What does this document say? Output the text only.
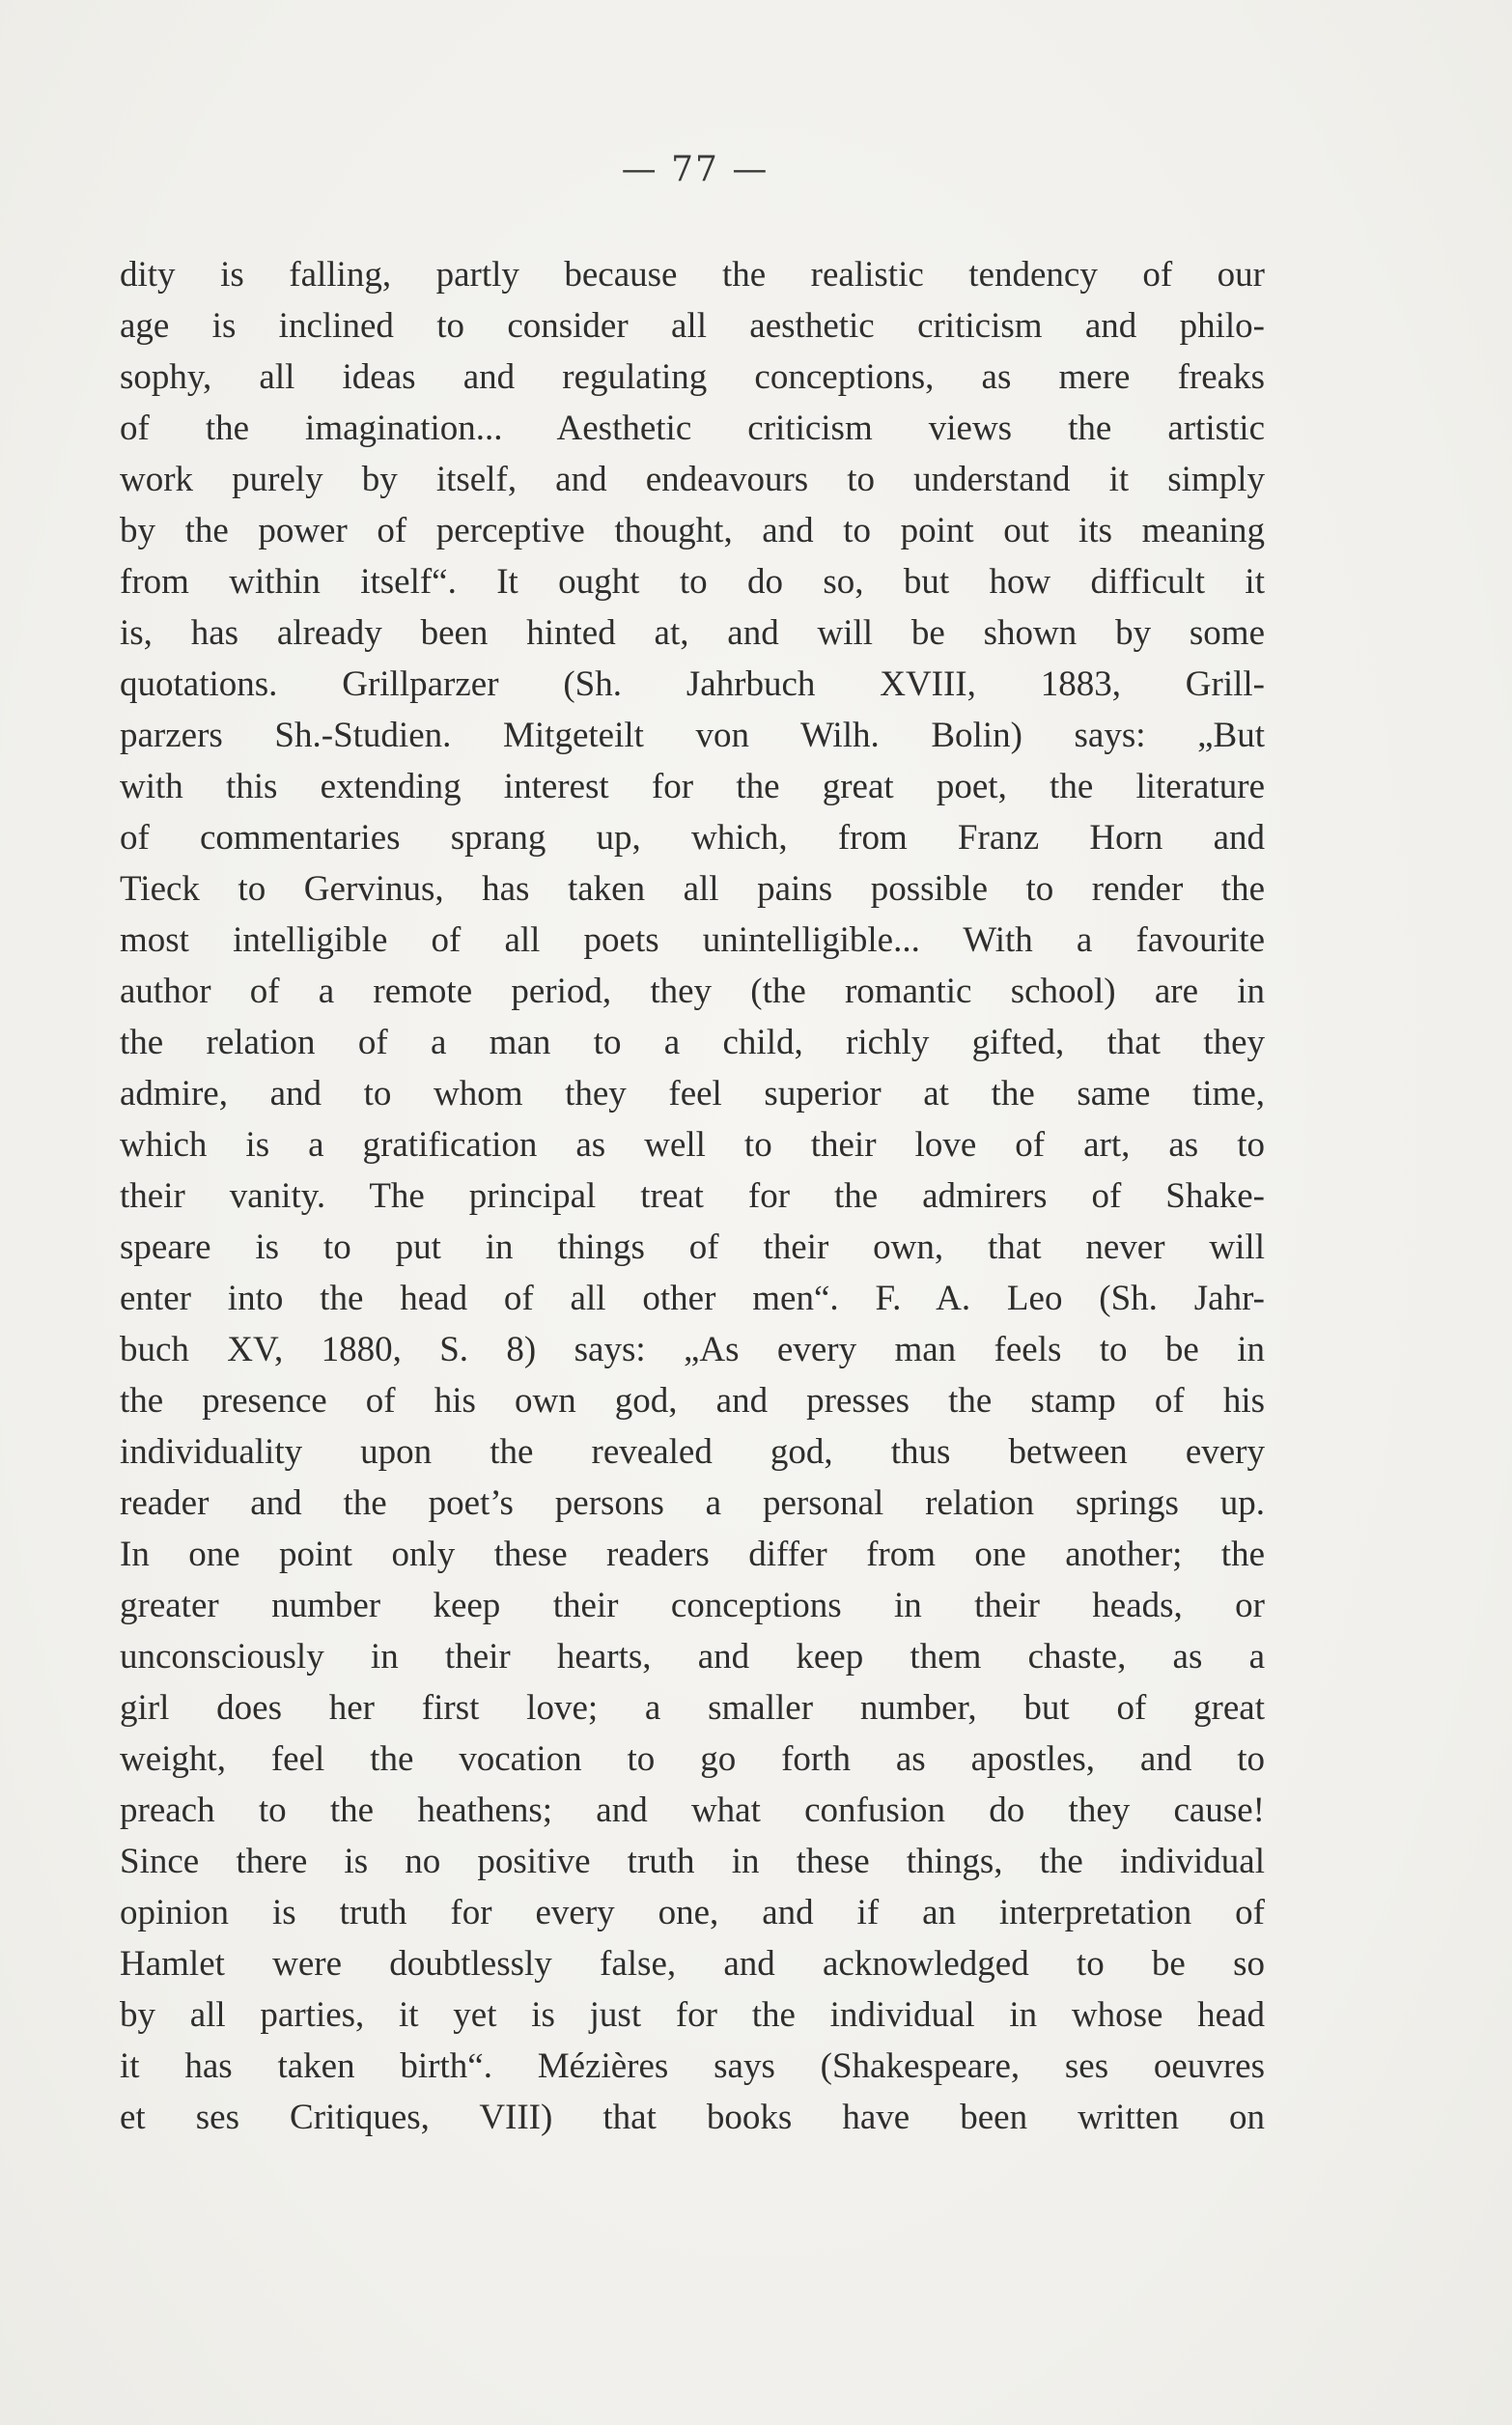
— 77 —
dity is falling, partly because the realistic tendency of our
age is inclined to consider all aesthetic criticism and philo-
sophy, all ideas and regulating conceptions, as mere freaks
of the imagination... Aesthetic criticism views the artistic
work purely by itself, and endeavours to understand it simply
by the power of perceptive thought, and to point out its meaning
from within itself“. It ought to do so, but how difficult it
is, has already been hinted at, and will be shown by some
quotations. Grillparzer (Sh. Jahrbuch XVIII, 1883, Grill-
parzers Sh.-Studien. Mitgeteilt von Wilh. Bolin) says: „But
with this extending interest for the great poet, the literature
of commentaries sprang up, which, from Franz Horn and
Tieck to Gervinus, has taken all pains possible to render the
most intelligible of all poets unintelligible... With a favourite
author of a remote period, they (the romantic school) are in
the relation of a man to a child, richly gifted, that they
admire, and to whom they feel superior at the same time,
which is a gratification as well to their love of art, as to
their vanity. The principal treat for the admirers of Shake-
speare is to put in things of their own, that never will
enter into the head of all other men“. F. A. Leo (Sh. Jahr-
buch XV, 1880, S. 8) says: „As every man feels to be in
the presence of his own god, and presses the stamp of his
individuality upon the revealed god, thus between every
reader and the poet’s persons a personal relation springs up.
In one point only these readers differ from one another; the
greater number keep their conceptions in their heads, or
unconsciously in their hearts, and keep them chaste, as a
girl does her first love; a smaller number, but of great
weight, feel the vocation to go forth as apostles, and to
preach to the heathens; and what confusion do they cause!
Since there is no positive truth in these things, the individual
opinion is truth for every one, and if an interpretation of
Hamlet were doubtlessly false, and acknowledged to be so
by all parties, it yet is just for the individual in whose head
it has taken birth“. Mézières says (Shakespeare, ses oeuvres
et ses Critiques, VIII) that books have been written on
